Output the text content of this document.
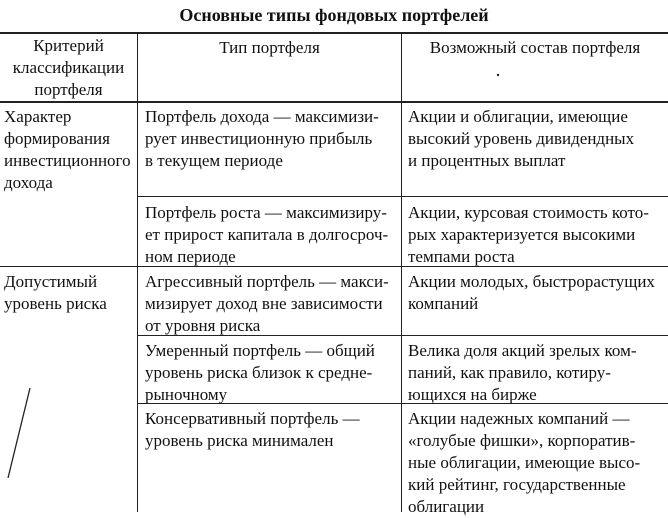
Основные типы фондовых портфелей
Критерий
классификации
портфеля
Тип портфеля	Возможный состав портфеля
Характер
формирования
инвестиционного
дохода
Портфель дохода — максимизи-
рует инвестиционную прибыль
в текущем периоде
Акции и облигации, имеющие
высокий уровень дивидендных
и процентных выплат
Портфель роста — максимизиру-
ет прирост капитала в долгосроч-
ном периоде
Акции, курсовая стоимость кото-
рых характеризуется высокими
темпами роста
Допустимый
уровень риска
Агрессивный портфель — макси-
мизирует доход вне зависимости
от уровня риска
Акции молодых, быстрорастущих
компаний
Умеренный портфель — общий
уровень риска близок к средне-
рыночному
Велика доля акций зрелых ком-
паний, как правило, котиру-
ющихся на бирже
Консервативный портфель —
уровень риска минимален
Акции надежных компаний —
«голубые фишки», корпоратив-
ные облигации, имеющие высо-
кий рейтинг, государственные
облигации
